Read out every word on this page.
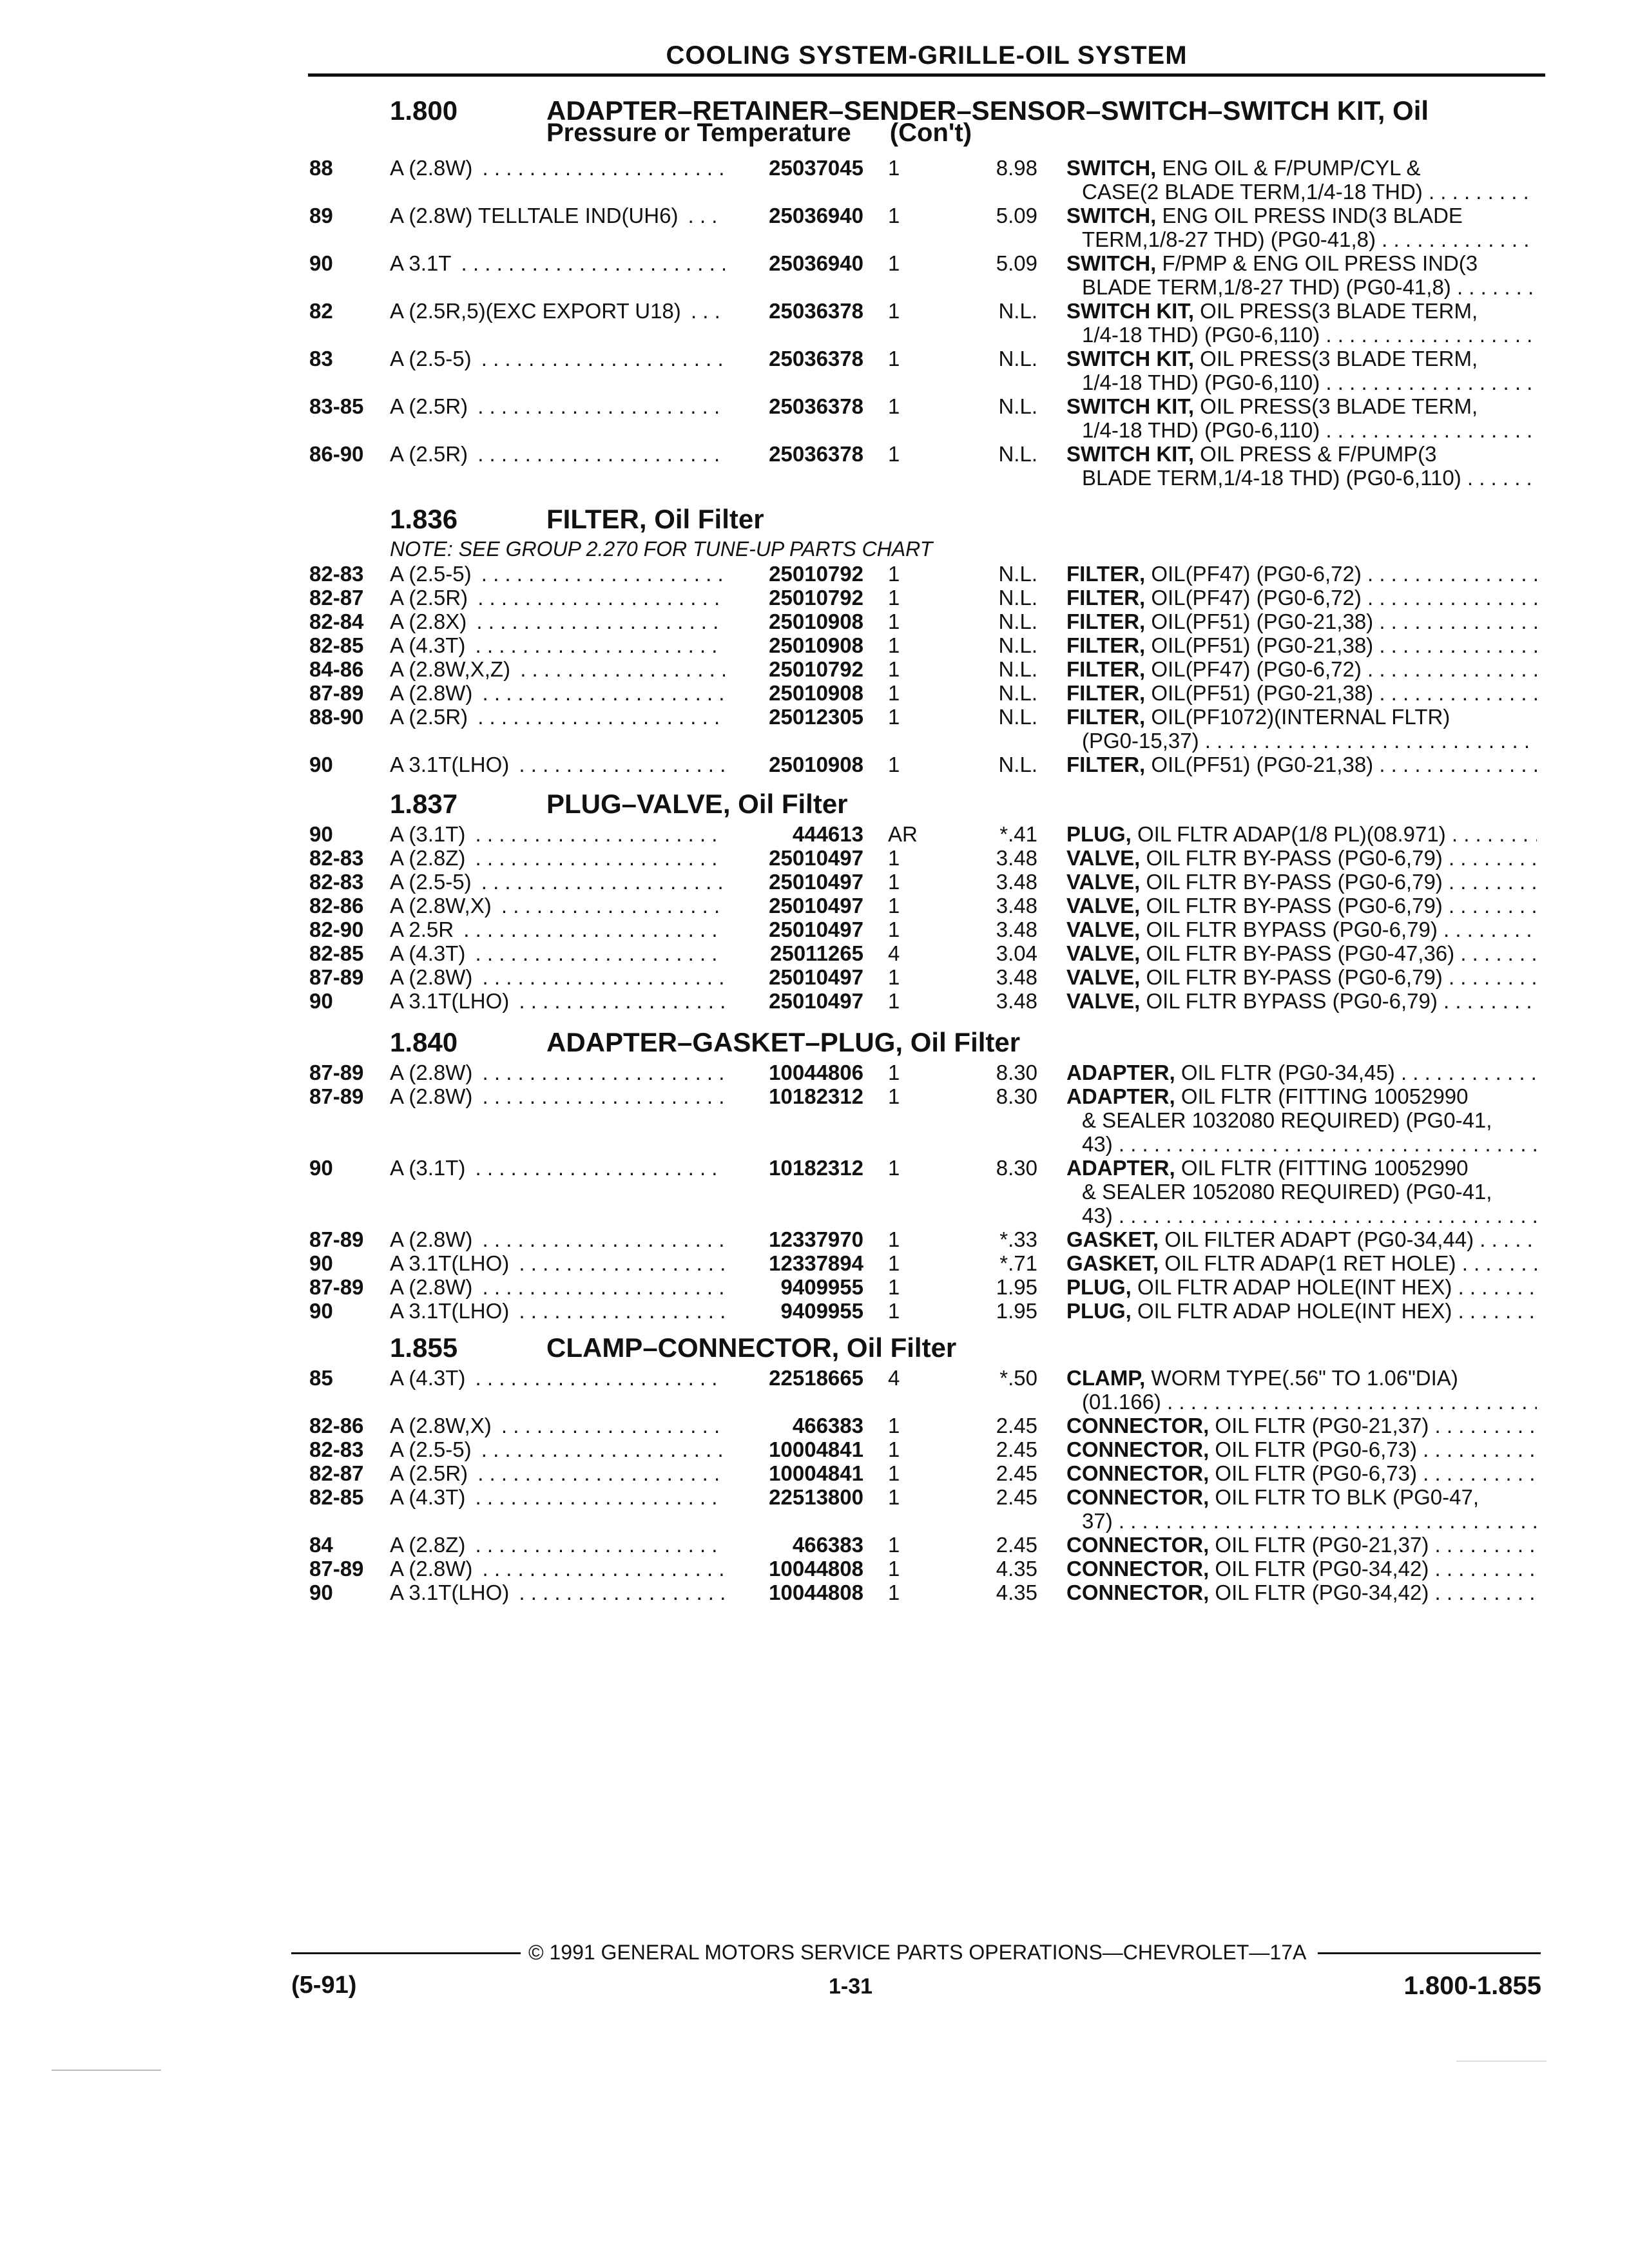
COOLING SYSTEM-GRILLE-OIL SYSTEM
1.800	ADAPTER–RETAINER–SENDER–SENSOR–SWITCH–SWITCH KIT, Oil
Pressure or Temperature (Con't)
88	A (2.8W) . . .	25037045 1	8.98 SWITCH, ENG OIL & F/PUMP/CYL &
CASE(2 BLADE TERM,1/4-18 THD) . . .
89	A (2.8W) TELLTALE IND(UH6) . . .	25036940 1	5.09 SWITCH, ENG OIL PRESS IND(3 BLADE
TERM,1/8-27 THD) (PG0-41,8) . . .
90	A 3.1T . . .	25036940 1	5.09 SWITCH, F/PMP & ENG OIL PRESS IND(3
BLADE TERM,1/8-27 THD) (PG0-41,8) . . .
82	A (2.5R,5)(EXC EXPORT U18) . . .	25036378 1	N.L. SWITCH KIT, OIL PRESS(3 BLADE TERM,
1/4-18 THD) (PG0-6,110) . . .
83	A (2.5-5) . . .	25036378 1	N.L. SWITCH KIT, OIL PRESS(3 BLADE TERM,
1/4-18 THD) (PG0-6,110) . . .
83-85 A (2.5R) . . .	25036378 1	N.L. SWITCH KIT, OIL PRESS(3 BLADE TERM,
1/4-18 THD) (PG0-6,110) . . .
86-90 A (2.5R) . . .	25036378 1	N.L. SWITCH KIT, OIL PRESS & F/PUMP(3
BLADE TERM,1/4-18 THD) (PG0-6,110) . . .
1.836	FILTER, Oil Filter
NOTE: SEE GROUP 2.270 FOR TUNE-UP PARTS CHART
82-83 A (2.5-5) . . .	25010792 1	N.L. FILTER, OIL(PF47) (PG0-6,72) . . .
82-87 A (2.5R) . . .	25010792 1	N.L. FILTER, OIL(PF47) (PG0-6,72) . . .
82-84 A (2.8X) . . .	25010908 1	N.L. FILTER, OIL(PF51) (PG0-21,38) . . .
82-85 A (4.3T) . . .	25010908 1	N.L. FILTER, OIL(PF51) (PG0-21,38) . . .
84-86 A (2.8W,X,Z) . . .	25010792 1	N.L. FILTER, OIL(PF47) (PG0-6,72) . . .
87-89 A (2.8W) . . .	25010908 1	N.L. FILTER, OIL(PF51) (PG0-21,38) . . .
88-90 A (2.5R) . . .	25012305 1	N.L. FILTER, OIL(PF1072)(INTERNAL FLTR)
(PG0-15,37) . . .
90	A 3.1T(LHO) . . .	25010908 1	N.L. FILTER, OIL(PF51) (PG0-21,38) . . .
1.837	PLUG–VALVE, Oil Filter
90	A (3.1T) . . .	444613 AR	*.41 PLUG, OIL FLTR ADAP(1/8 PL)(08.971) . . .
82-83 A (2.8Z) . . .	25010497 1	3.48 VALVE, OIL FLTR BY-PASS (PG0-6,79) . . .
82-83 A (2.5-5) . . .	25010497 1	3.48 VALVE, OIL FLTR BY-PASS (PG0-6,79) . . .
82-86 A (2.8W,X) . . .	25010497 1	3.48 VALVE, OIL FLTR BY-PASS (PG0-6,79) . . .
82-90 A 2.5R . . .	25010497 1	3.48 VALVE, OIL FLTR BYPASS (PG0-6,79) . . .
82-85 A (4.3T) . . .	25011265 4	3.04 VALVE, OIL FLTR BY-PASS (PG0-47,36) . . .
87-89 A (2.8W) . . .	25010497 1	3.48 VALVE, OIL FLTR BY-PASS (PG0-6,79) . . .
90	A 3.1T(LHO) . . .	25010497 1	3.48 VALVE, OIL FLTR BYPASS (PG0-6,79) . . .
1.840	ADAPTER–GASKET–PLUG, Oil Filter
87-89 A (2.8W) . . .	10044806 1	8.30 ADAPTER, OIL FLTR (PG0-34,45) . . .
87-89 A (2.8W) . . .	10182312 1	8.30 ADAPTER, OIL FLTR (FITTING 10052990
& SEALER 1032080 REQUIRED) (PG0-41,
43) . . .
90	A (3.1T) . . .	10182312 1	8.30 ADAPTER, OIL FLTR (FITTING 10052990
& SEALER 1052080 REQUIRED) (PG0-41,
43) . . .
87-89 A (2.8W) . . .	12337970 1	*.33 GASKET, OIL FILTER ADAPT (PG0-34,44) . . .
90	A 3.1T(LHO) . . .	12337894 1	*.71 GASKET, OIL FLTR ADAP(1 RET HOLE) . . .
87-89 A (2.8W) . . .	9409955 1	1.95 PLUG, OIL FLTR ADAP HOLE(INT HEX) . . .
90	A 3.1T(LHO) . . .	9409955 1	1.95 PLUG, OIL FLTR ADAP HOLE(INT HEX) . . .
1.855	CLAMP–CONNECTOR, Oil Filter
85	A (4.3T) . . .	22518665 4	*.50 CLAMP, WORM TYPE(.56" TO 1.06"DIA)
(01.166) . . .
82-86 A (2.8W,X) . . .	466383 1	2.45 CONNECTOR, OIL FLTR (PG0-21,37) . . .
82-83 A (2.5-5) . . .	10004841 1	2.45 CONNECTOR, OIL FLTR (PG0-6,73) . . .
82-87 A (2.5R) . . .	10004841 1	2.45 CONNECTOR, OIL FLTR (PG0-6,73) . . .
82-85 A (4.3T) . . .	22513800 1	2.45 CONNECTOR, OIL FLTR TO BLK (PG0-47,
37) . . .
84	A (2.8Z) . . .	466383 1	2.45 CONNECTOR, OIL FLTR (PG0-21,37) . . .
87-89 A (2.8W) . . .	10044808 1	4.35 CONNECTOR, OIL FLTR (PG0-34,42) . . .
90	A 3.1T(LHO) . . .	10044808 1	4.35 CONNECTOR, OIL FLTR (PG0-34,42) . . .
© 1991 GENERAL MOTORS SERVICE PARTS OPERATIONS—CHEVROLET—17A
(5-91)	1-31	1.800-1.855
